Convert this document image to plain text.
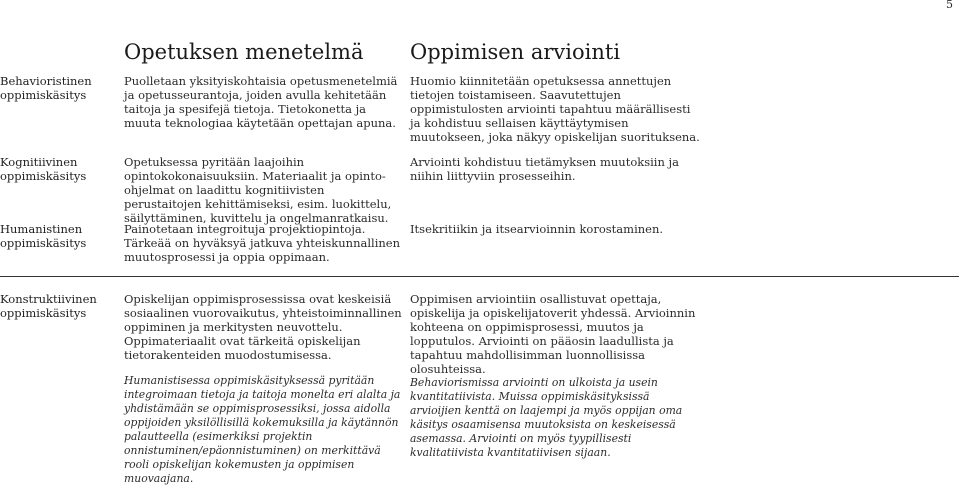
5
Opetuksen menetelmä Oppimisen arviointi
Behavioristinen oppimiskäsitys
Puolletaan yksityiskohtaisia opetusmenetelmiä ja opetusseurantoja, joiden avulla kehitetään taitoja ja spesifejä tietoja. Tietokonetta ja muuta teknologiaa käytetään opettajan apuna.
Kognitiivinen oppimiskäsitys
Opetuksessa pyritään laajoihin opintokokonaisuuksiin. Materiaalit ja opinto-ohjelmat on laadittu kognitiivisten perustaitojen kehittämiseksi, esim. luokittelu, säilyttäminen, kuvittelu ja ongelmanratkaisu.
Huomio kiinnitetään opetuksessa annettujen tietojen toistamiseen. Saavutettujen oppimistulosten arviointi tapahtuu määrällisesti ja kohdistuu sellaisen käyttäytymisen muutokseen, joka näkyy opiskelijan suorituksena.
Arviointi kohdistuu tietämyksen muutoksiin ja niihin liittyviin prosesseihin.
Humanistinen oppimiskäsitys
Painotetaan integroituja projektiopintoja. Tärkeää on hyväksyä jatkuva yhteiskunnallinen muutosprosessi ja oppia oppimaan.
Itsekritiikin ja itsearvioinnin korostaminen.
Konstruktiivinen oppimiskäsitys
Opiskelijan oppimisprosessissa ovat keskeisiä sosiaalinen vuorovaikutus, yhteistoiminnallinen oppiminen ja merkitysten neuvottelu. Oppimateriaalit ovat tärkeitä opiskelijan tietorakenteiden muodostumisessa.
Humanistisessa oppimiskäsityksessä pyritään integroimaan tietoja ja taitoja monelta eri alalta ja yhdistämään se oppimisprosessiksi, jossa aidolla oppijoiden yksilöllisillä kokemuksilla ja käytännön palautteella (esimerkiksi projektin onnistuminen/epäonnistuminen) on merkittävä rooli opiskelijan kokemusten ja oppimisen muovaajana.
Oppimisen arviointiin osallistuvat opettaja, opiskelija ja opiskelijatoverit yhdessä. Arvioinnin kohteena on oppimisprosessi, muutos ja lopputulos. Arviointi on pääosin laadullista ja tapahtuu mahdollisimman luonnollisissa olosuhteissa.
Behaviorismissa arviointi on ulkoista ja usein kvantitatiivista. Muissa oppimiskäsityksissä arvioijien kenttä on laajempi ja myös oppijan oma käsitys osaamisensa muutoksista on keskeisessä asemassa. Arviointi on myös tyypillisesti kvalitatiivista kvantitatiivisen sijaan.
